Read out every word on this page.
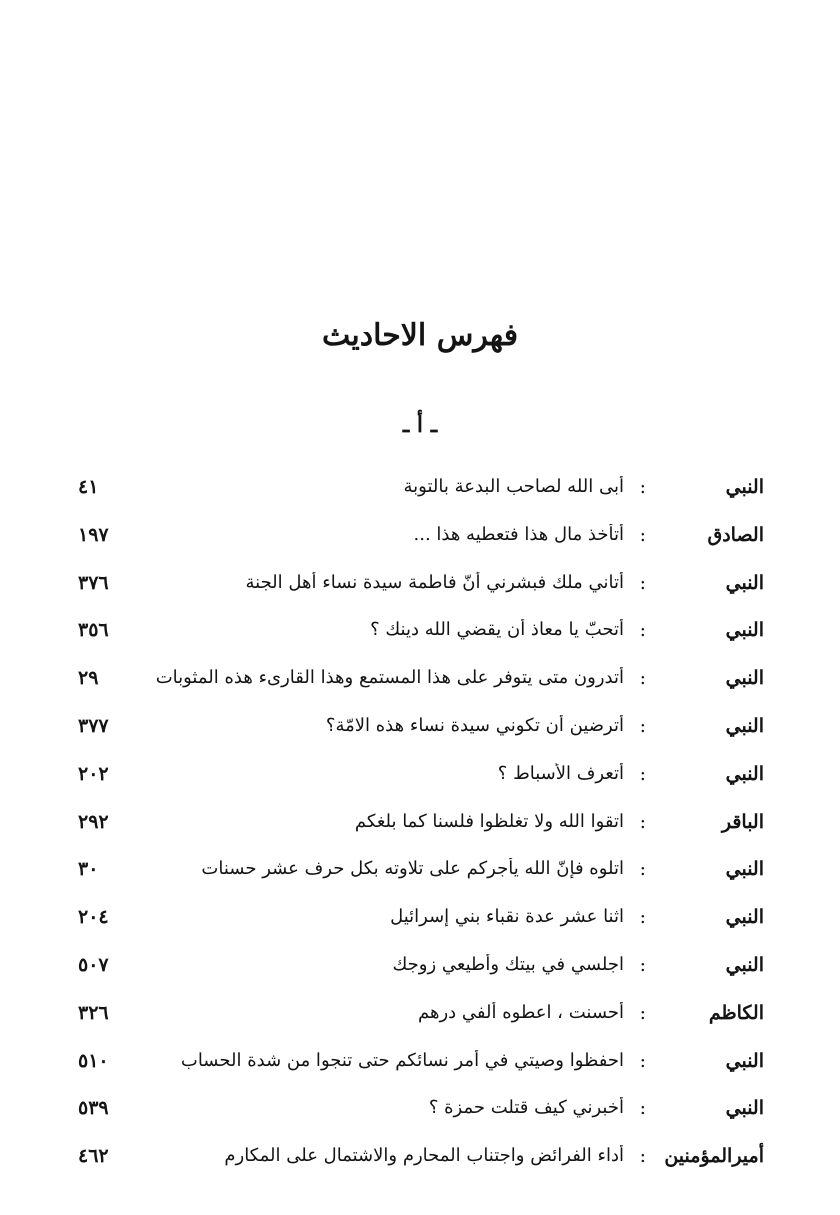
فهرس الاحاديث
ـ أ ـ
النبي
:
أبى الله لصاحب البدعة بالتوبة
٤١
الصادق
:
أتأخذ مال هذا فتعطيه هذا ...
١٩٧
النبي
:
أتاني ملك فبشرني أنّ فاطمة سيدة نساء أهل الجنة
٣٧٦
النبي
:
أتحبّ يا معاذ أن يقضي الله دينك ؟
٣٥٦
النبي
:
أتدرون متى يتوفر على هذا المستمع وهذا القارىء هذه المثوبات
٢٩
النبي
:
أترضين أن تكوني سيدة نساء هذه الامّة؟
٣٧٧
النبي
:
أتعرف الأسباط ؟
٢٠٢
الباقر
:
اتقوا الله ولا تغلظوا فلسنا كما بلغكم
٢٩٢
النبي
:
اتلوه فإنّ الله يأجركم على تلاوته بكل حرف عشر حسنات
٣٠
النبي
:
اثنا عشر عدة نقباء بني إسرائيل
٢٠٤
النبي
:
اجلسي في بيتك وأطيعي زوجك
٥٠٧
الكاظم
:
أحسنت ، اعطوه ألفي درهم
٣٢٦
النبي
:
احفظوا وصيتي في أمر نسائكم حتى تنجوا من شدة الحساب
٥١٠
النبي
:
أخبرني كيف قتلت حمزة ؟
٥٣٩
أميرالمؤمنين
:
أداء الفرائض واجتناب المحارم والاشتمال على المكارم
٤٦٢
